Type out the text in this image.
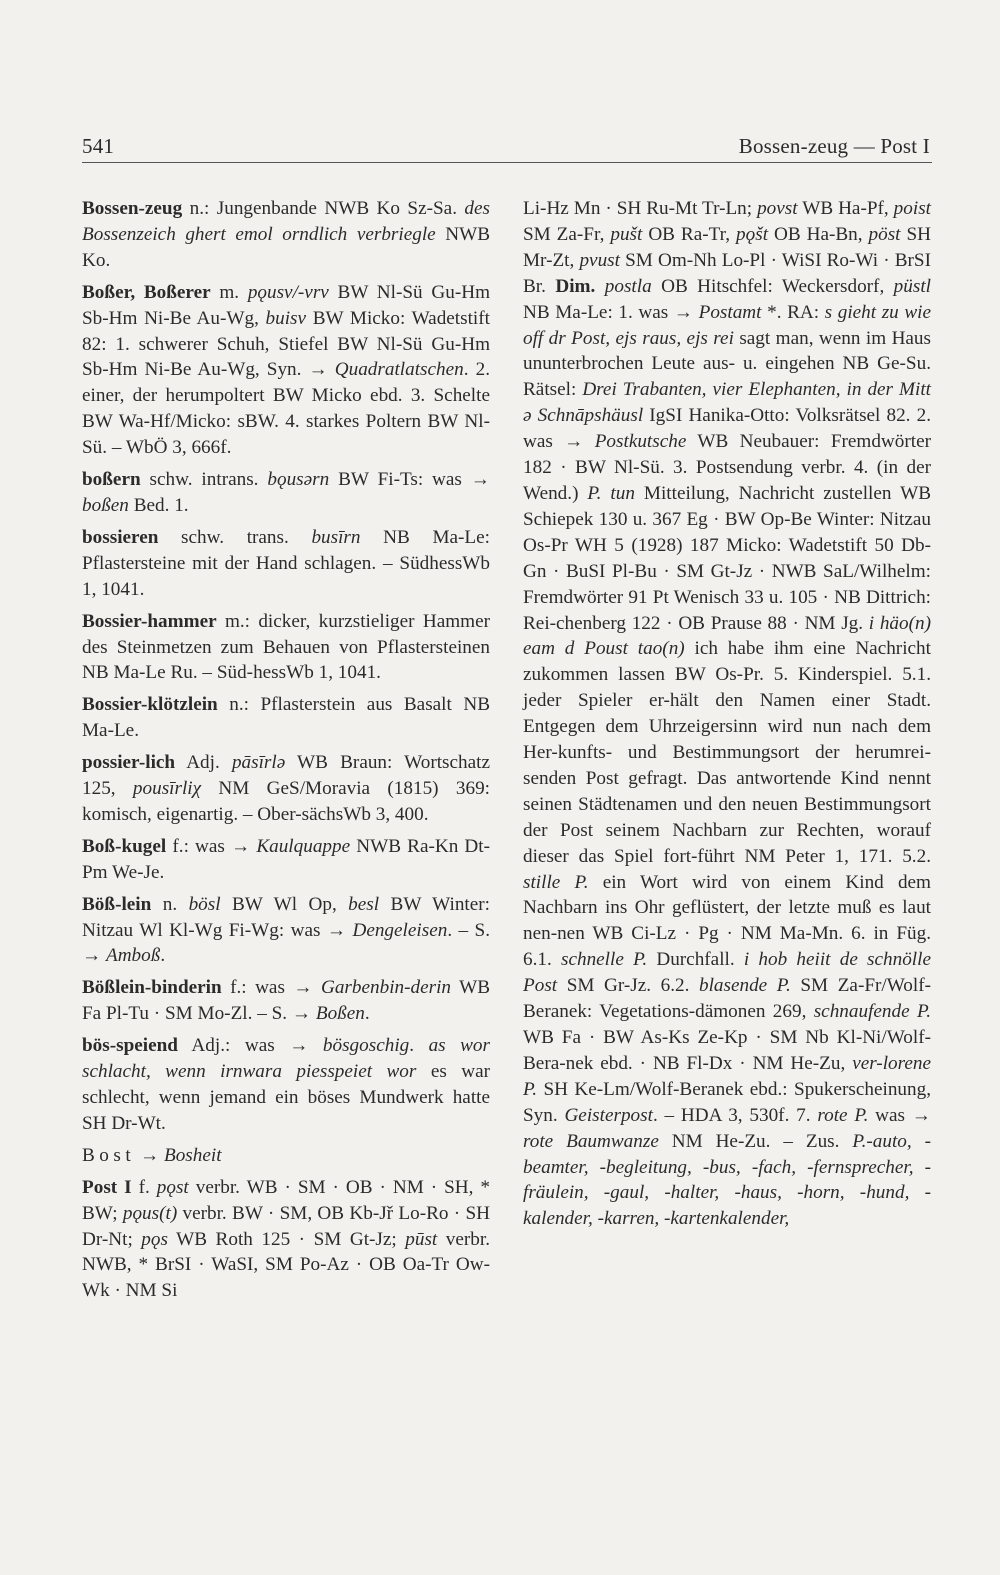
541	Bossen-zeug — Post I

Bossen-zeug n.: Jungenbande NWB Ko Sz-Sa. des Bossenzeich ghert emol orndlich verbriegle NWB Ko.

Boßer, Boßerer m. pǫusv/-vrv BW Nl-Sü Gu-Hm Sb-Hm Ni-Be Au-Wg, buisv BW Micko: Wadetstift 82: 1. schwerer Schuh, Stiefel BW Nl-Sü Gu-Hm Sb-Hm Ni-Be Au-Wg, Syn. → Quadratlatschen. 2. einer, der herumpoltert BW Micko ebd. 3. Schelte BW Wa-Hf/Micko: sBW. 4. starkes Poltern BW Nl-Sü. – WbÖ 3, 666f.

boßern schw. intrans. bǫusərn BW Fi-Ts: was → boßen Bed. 1.

bossieren schw. trans. busīrn NB Ma-Le: Pflastersteine mit der Hand schlagen. – SüdhessWb 1, 1041.

Bossier-hammer m.: dicker, kurzstieliger Hammer des Steinmetzen zum Behauen von Pflastersteinen NB Ma-Le Ru. – Süd-hessWb 1, 1041.

Bossier-klötzlein n.: Pflasterstein aus Basalt NB Ma-Le.

possier-lich Adj. pāsīrlə WB Braun: Wortschatz 125, pousīrliχ NM GeS/Moravia (1815) 369: komisch, eigenartig. – Ober-sächsWb 3, 400.

Boß-kugel f.: was → Kaulquappe NWB Ra-Kn Dt-Pm We-Je.

Böß-lein n. bösl BW Wl Op, besl BW Winter: Nitzau Wl Kl-Wg Fi-Wg: was → Dengeleisen. – S. → Amboß.

Bößlein-binderin f.: was → Garbenbin-derin WB Fa Pl-Tu · SM Mo-Zl. – S. → Boßen.

bös-speiend Adj.: was → bösgoschig. as wor schlacht, wenn irnwara piesspeiet wor es war schlecht, wenn jemand ein böses Mundwerk hatte SH Dr-Wt.

Bost → Bosheit

Post I f. pǫst verbr. WB · SM · OB · NM · SH, * BW; pǫus(t) verbr. BW · SM, OB Kb-Jř Lo-Ro · SH Dr-Nt; pǫs WB Roth 125 · SM Gt-Jz; pūst verbr. NWB, * BrSI · WaSI, SM Po-Az · OB Oa-Tr Ow-Wk · NM Si

Li-Hz Mn · SH Ru-Mt Tr-Ln; povst WB Ha-Pf, poist SM Za-Fr, pušt OB Ra-Tr, pǫšt OB Ha-Bn, pöst SH Mr-Zt, pvust SM Om-Nh Lo-Pl · WiSI Ro-Wi · BrSI Br. Dim. postla OB Hitschfel: Weckersdorf, püstl NB Ma-Le: 1. was → Postamt *. RA: s gieht zu wie off dr Post, ejs raus, ejs rei sagt man, wenn im Haus ununterbrochen Leute aus- u. eingehen NB Ge-Su. Rätsel: Drei Trabanten, vier Elephanten, in der Mitt ə Schnāpshäusl IgSI Hanika-Otto: Volksrätsel 82. 2. was → Postkutsche WB Neubauer: Fremdwörter 182 · BW Nl-Sü. 3. Postsendung verbr. 4. (in der Wend.) P. tun Mitteilung, Nachricht zustellen WB Schiepek 130 u. 367 Eg · BW Op-Be Winter: Nitzau Os-Pr WH 5 (1928) 187 Micko: Wadetstift 50 Db-Gn · BuSI Pl-Bu · SM Gt-Jz · NWB SaL/Wilhelm: Fremdwörter 91 Pt Wenisch 33 u. 105 · NB Dittrich: Rei-chenberg 122 · OB Prause 88 · NM Jg. i häo(n) eam d Poust tao(n) ich habe ihm eine Nachricht zukommen lassen BW Os-Pr. 5. Kinderspiel. 5.1. jeder Spieler er-hält den Namen einer Stadt. Entgegen dem Uhrzeigersinn wird nun nach dem Her-kunfts- und Bestimmungsort der herumrei-senden Post gefragt. Das antwortende Kind nennt seinen Städtenamen und den neuen Bestimmungsort der Post seinem Nachbarn zur Rechten, worauf dieser das Spiel fort-führt NM Peter 1, 171. 5.2. stille P. ein Wort wird von einem Kind dem Nachbarn ins Ohr geflüstert, der letzte muß es laut nen-nen WB Ci-Lz · Pg · NM Ma-Mn. 6. in Füg. 6.1. schnelle P. Durchfall. i hob heiit de schnölle Post SM Gr-Jz. 6.2. blasende P. SM Za-Fr/Wolf-Beranek: Vegetations-dämonen 269, schnaufende P. WB Fa · BW As-Ks Ze-Kp · SM Nb Kl-Ni/Wolf-Bera-nek ebd. · NB Fl-Dx · NM He-Zu, ver-lorene P. SH Ke-Lm/Wolf-Beranek ebd.: Spukerscheinung, Syn. Geisterpost. – HDA 3, 530f. 7. rote P. was → rote Baumwanze NM He-Zu. – Zus. P.-auto, -beamter, -begleitung, -bus, -fach, -fernsprecher, -fräulein, -gaul, -halter, -haus, -horn, -hund, -kalender, -karren, -kartenkalender,
